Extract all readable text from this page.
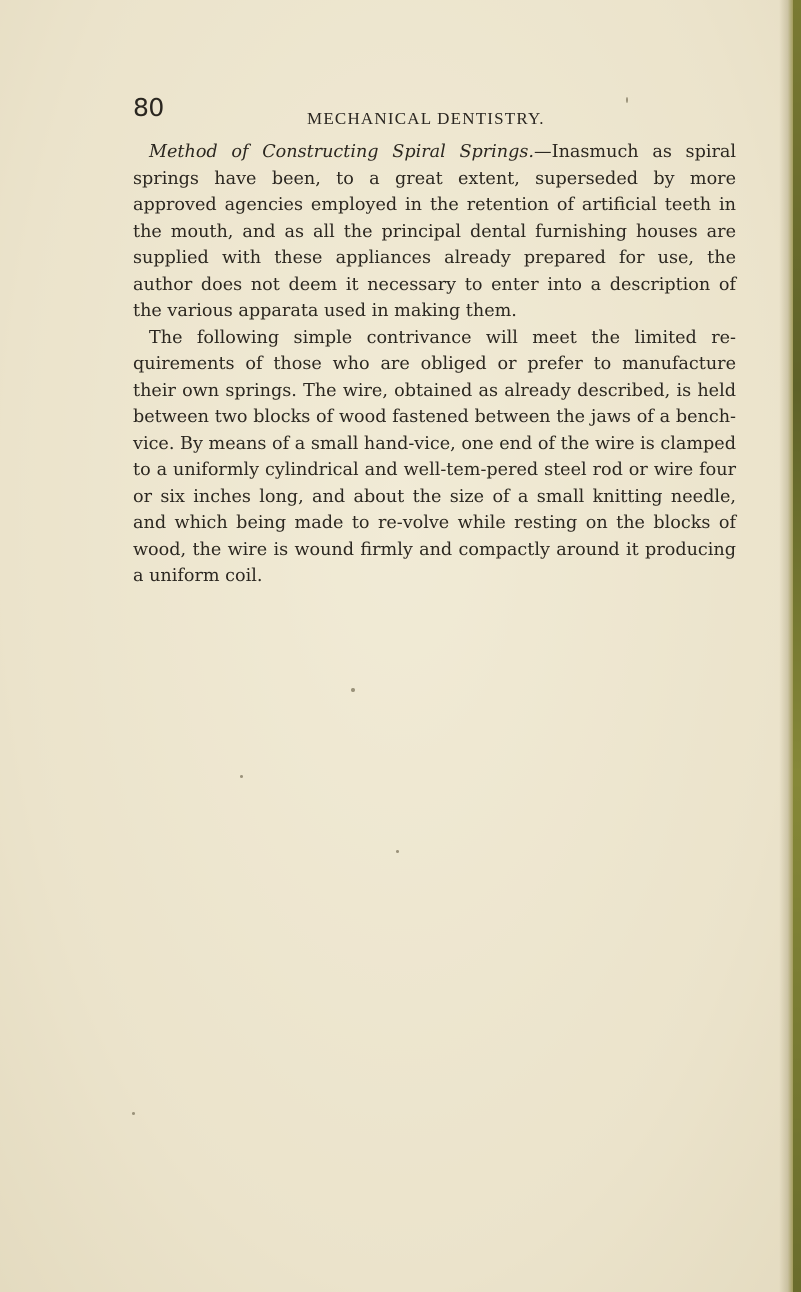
80	MECHANICAL DENTISTRY.

Method of Constructing Spiral Springs.—Inasmuch as spiral springs have been, to a great extent, superseded by more approved agencies employed in the retention of artificial teeth in the mouth, and as all the principal dental furnishing houses are supplied with these appliances already prepared for use, the author does not deem it necessary to enter into a description of the various apparata used in making them.

The following simple contrivance will meet the limited re-quirements of those who are obliged or prefer to manufacture their own springs. The wire, obtained as already described, is held between two blocks of wood fastened between the jaws of a bench-vice. By means of a small hand-vice, one end of the wire is clamped to a uniformly cylindrical and well-tem-pered steel rod or wire four or six inches long, and about the size of a small knitting needle, and which being made to re-volve while resting on the blocks of wood, the wire is wound firmly and compactly around it producing a uniform coil.
